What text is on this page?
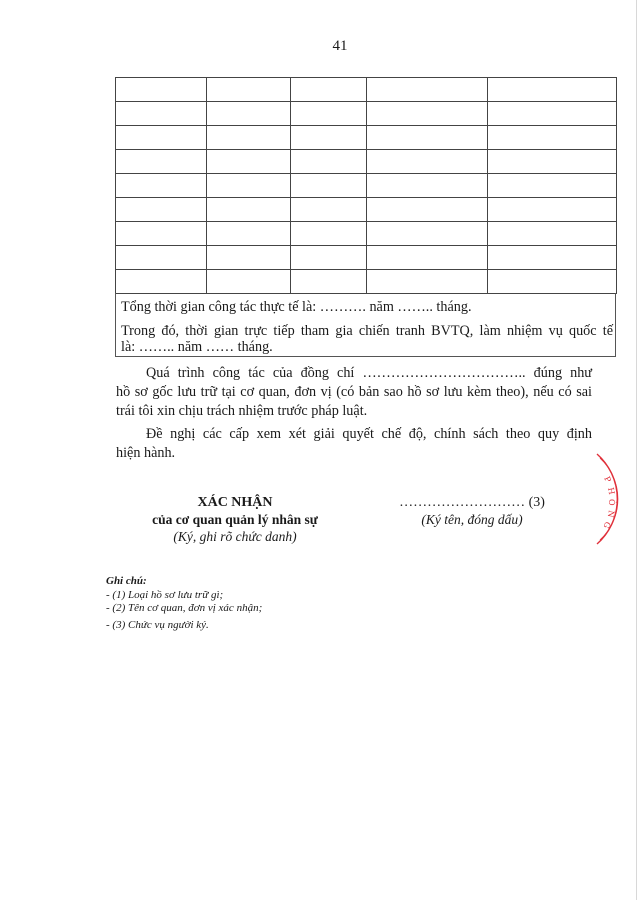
41

Tổng thời gian công tác thực tế là: ………. năm …….. tháng.
Trong đó, thời gian trực tiếp tham gia chiến tranh BVTQ, làm nhiệm vụ quốc tế
là: …….. năm …… tháng.
Quá trình công tác của đồng chí …………………………….. đúng như
hồ sơ gốc lưu trữ tại cơ quan, đơn vị (có bản sao hồ sơ lưu kèm theo), nếu có sai
trái tôi xin chịu trách nhiệm trước pháp luật.
Đề nghị các cấp xem xét giải quyết chế độ, chính sách theo quy định
hiện hành.
XÁC NHẬN
của cơ quan quản lý nhân sự
(Ký, ghi rõ chức danh)
……………………… (3)
(Ký tên, đóng dấu)
Ghi chú:
- (1) Loại hồ sơ lưu trữ gì;
- (2) Tên cơ quan, đơn vị xác nhận;
- (3) Chức vụ người ký.
P
H
Ò
N
G
